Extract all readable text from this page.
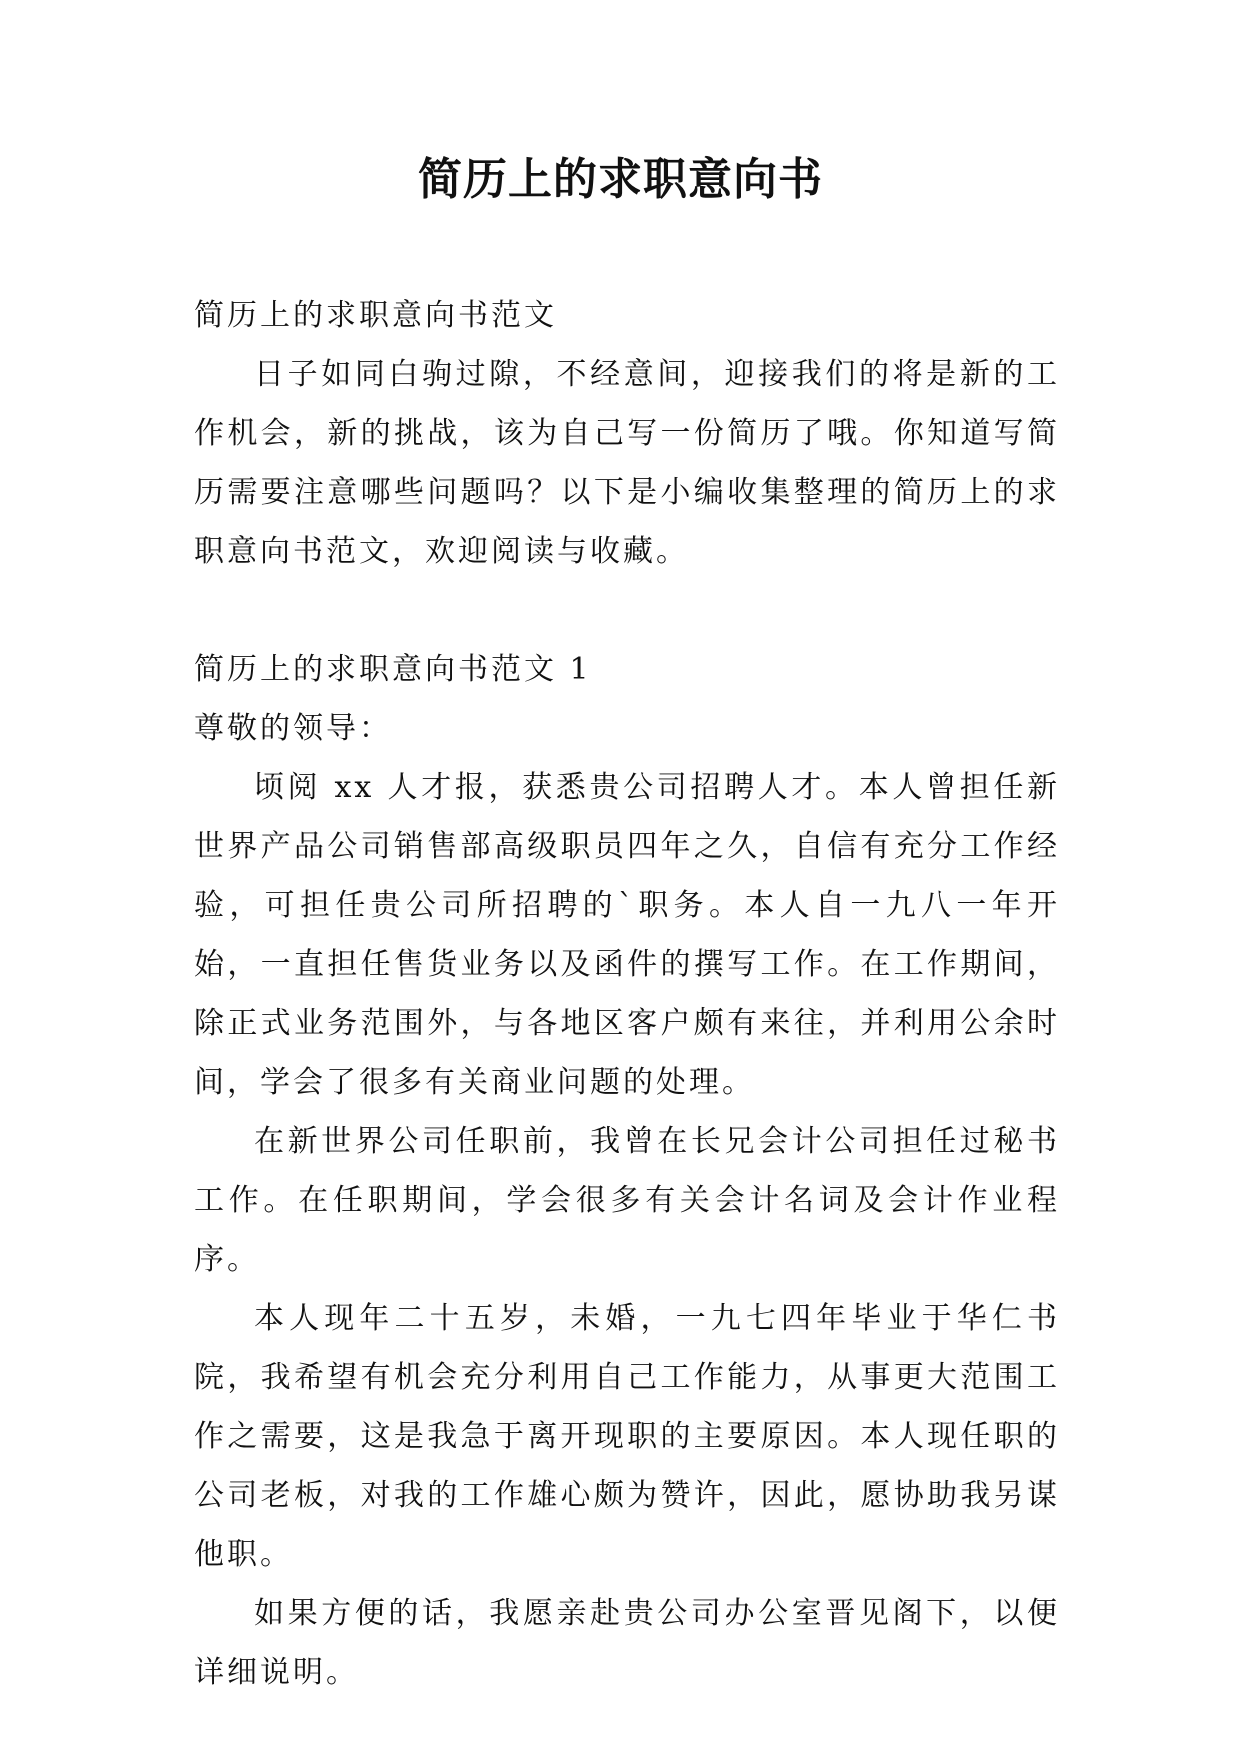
简历上的求职意向书

简历上的求职意向书范文

日子如同白驹过隙，不经意间，迎接我们的将是新的工作机会，新的挑战，该为自己写一份简历了哦。你知道写简历需要注意哪些问题吗？以下是小编收集整理的简历上的求职意向书范文，欢迎阅读与收藏。

简历上的求职意向书范文 1

尊敬的领导：

顷阅 xx 人才报，获悉贵公司招聘人才。本人曾担任新世界产品公司销售部高级职员四年之久，自信有充分工作经验，可担任贵公司所招聘的`职务。本人自一九八一年开始，一直担任售货业务以及函件的撰写工作。在工作期间，除正式业务范围外，与各地区客户颇有来往，并利用公余时间，学会了很多有关商业问题的处理。

在新世界公司任职前，我曾在长兄会计公司担任过秘书工作。在任职期间，学会很多有关会计名词及会计作业程序。

本人现年二十五岁，未婚，一九七四年毕业于华仁书院，我希望有机会充分利用自己工作能力，从事更大范围工作之需要，这是我急于离开现职的主要原因。本人现任职的公司老板，对我的工作雄心颇为赞许，因此，愿协助我另谋他职。

如果方便的话，我愿亲赴贵公司办公室晋见阁下，以便详细说明。
